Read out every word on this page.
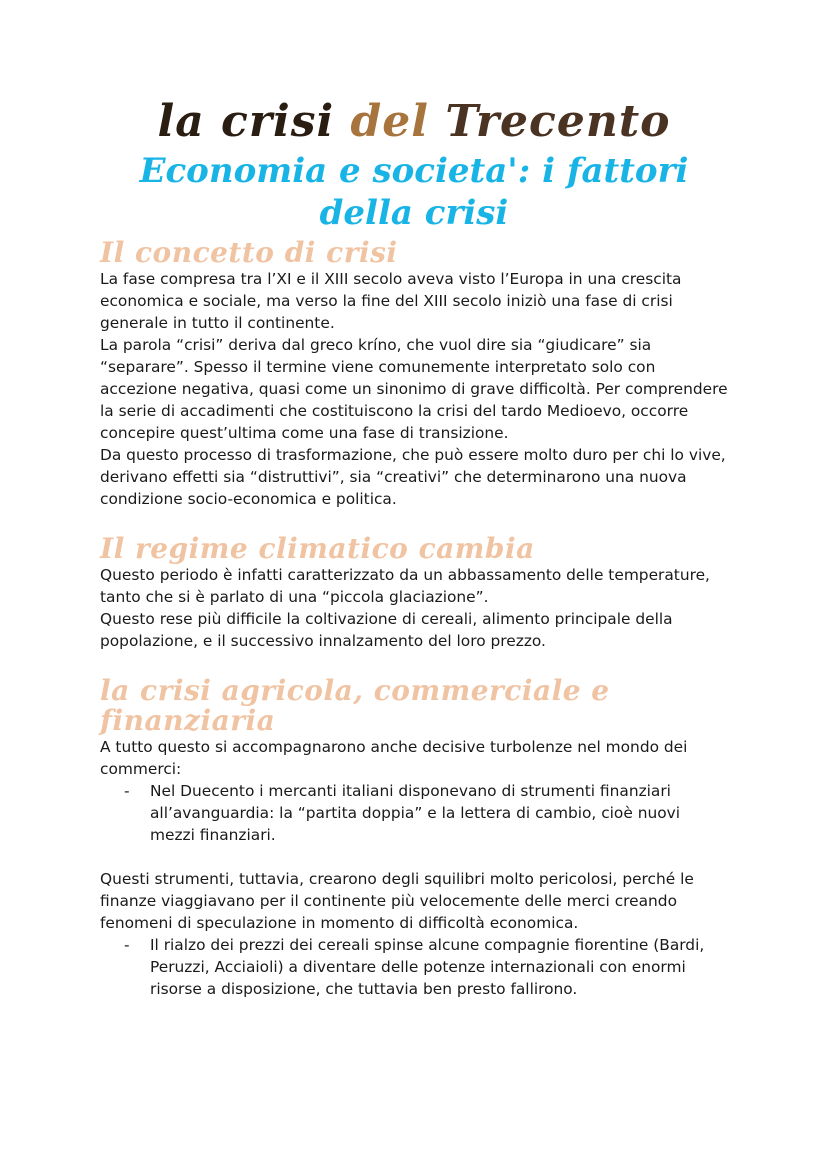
la crisi del Trecento
Economia e societa': i fattori
della crisi
Il concetto di crisi

La fase compresa tra l’XI e il XIII secolo aveva visto l’Europa in una crescita economica e sociale, ma verso la fine del XIII secolo iniziò una fase di crisi generale in tutto il continente.

La parola “crisi” deriva dal greco kríno, che vuol dire sia “giudicare” sia “separare”. Spesso il termine viene comunemente interpretato solo con accezione negativa, quasi come un sinonimo di grave difficoltà. Per comprendere la serie di accadimenti che costituiscono la crisi del tardo Medioevo, occorre concepire quest’ultima come una fase di transizione.

Da questo processo di trasformazione, che può essere molto duro per chi lo vive, derivano effetti sia “distruttivi”, sia “creativi” che determinarono una nuova condizione socio-economica e politica.

Il regime climatico cambia

Questo periodo è infatti caratterizzato da un abbassamento delle temperature, tanto che si è parlato di una “piccola glaciazione”.

Questo rese più difficile la coltivazione di cereali, alimento principale della popolazione, e il successivo innalzamento del loro prezzo.

la crisi agricola, commerciale e
finanziaria

A tutto questo si accompagnarono anche decisive turbolenze nel mondo dei commerci:

- Nel Duecento i mercanti italiani disponevano di strumenti finanziari all’avanguardia: la “partita doppia” e la lettera di cambio, cioè nuovi mezzi finanziari.

Questi strumenti, tuttavia, crearono degli squilibri molto pericolosi, perché le finanze viaggiavano per il continente più velocemente delle merci creando fenomeni di speculazione in momento di difficoltà economica.

- Il rialzo dei prezzi dei cereali spinse alcune compagnie fiorentine (Bardi, Peruzzi, Acciaioli) a diventare delle potenze internazionali con enormi risorse a disposizione, che tuttavia ben presto fallirono.
